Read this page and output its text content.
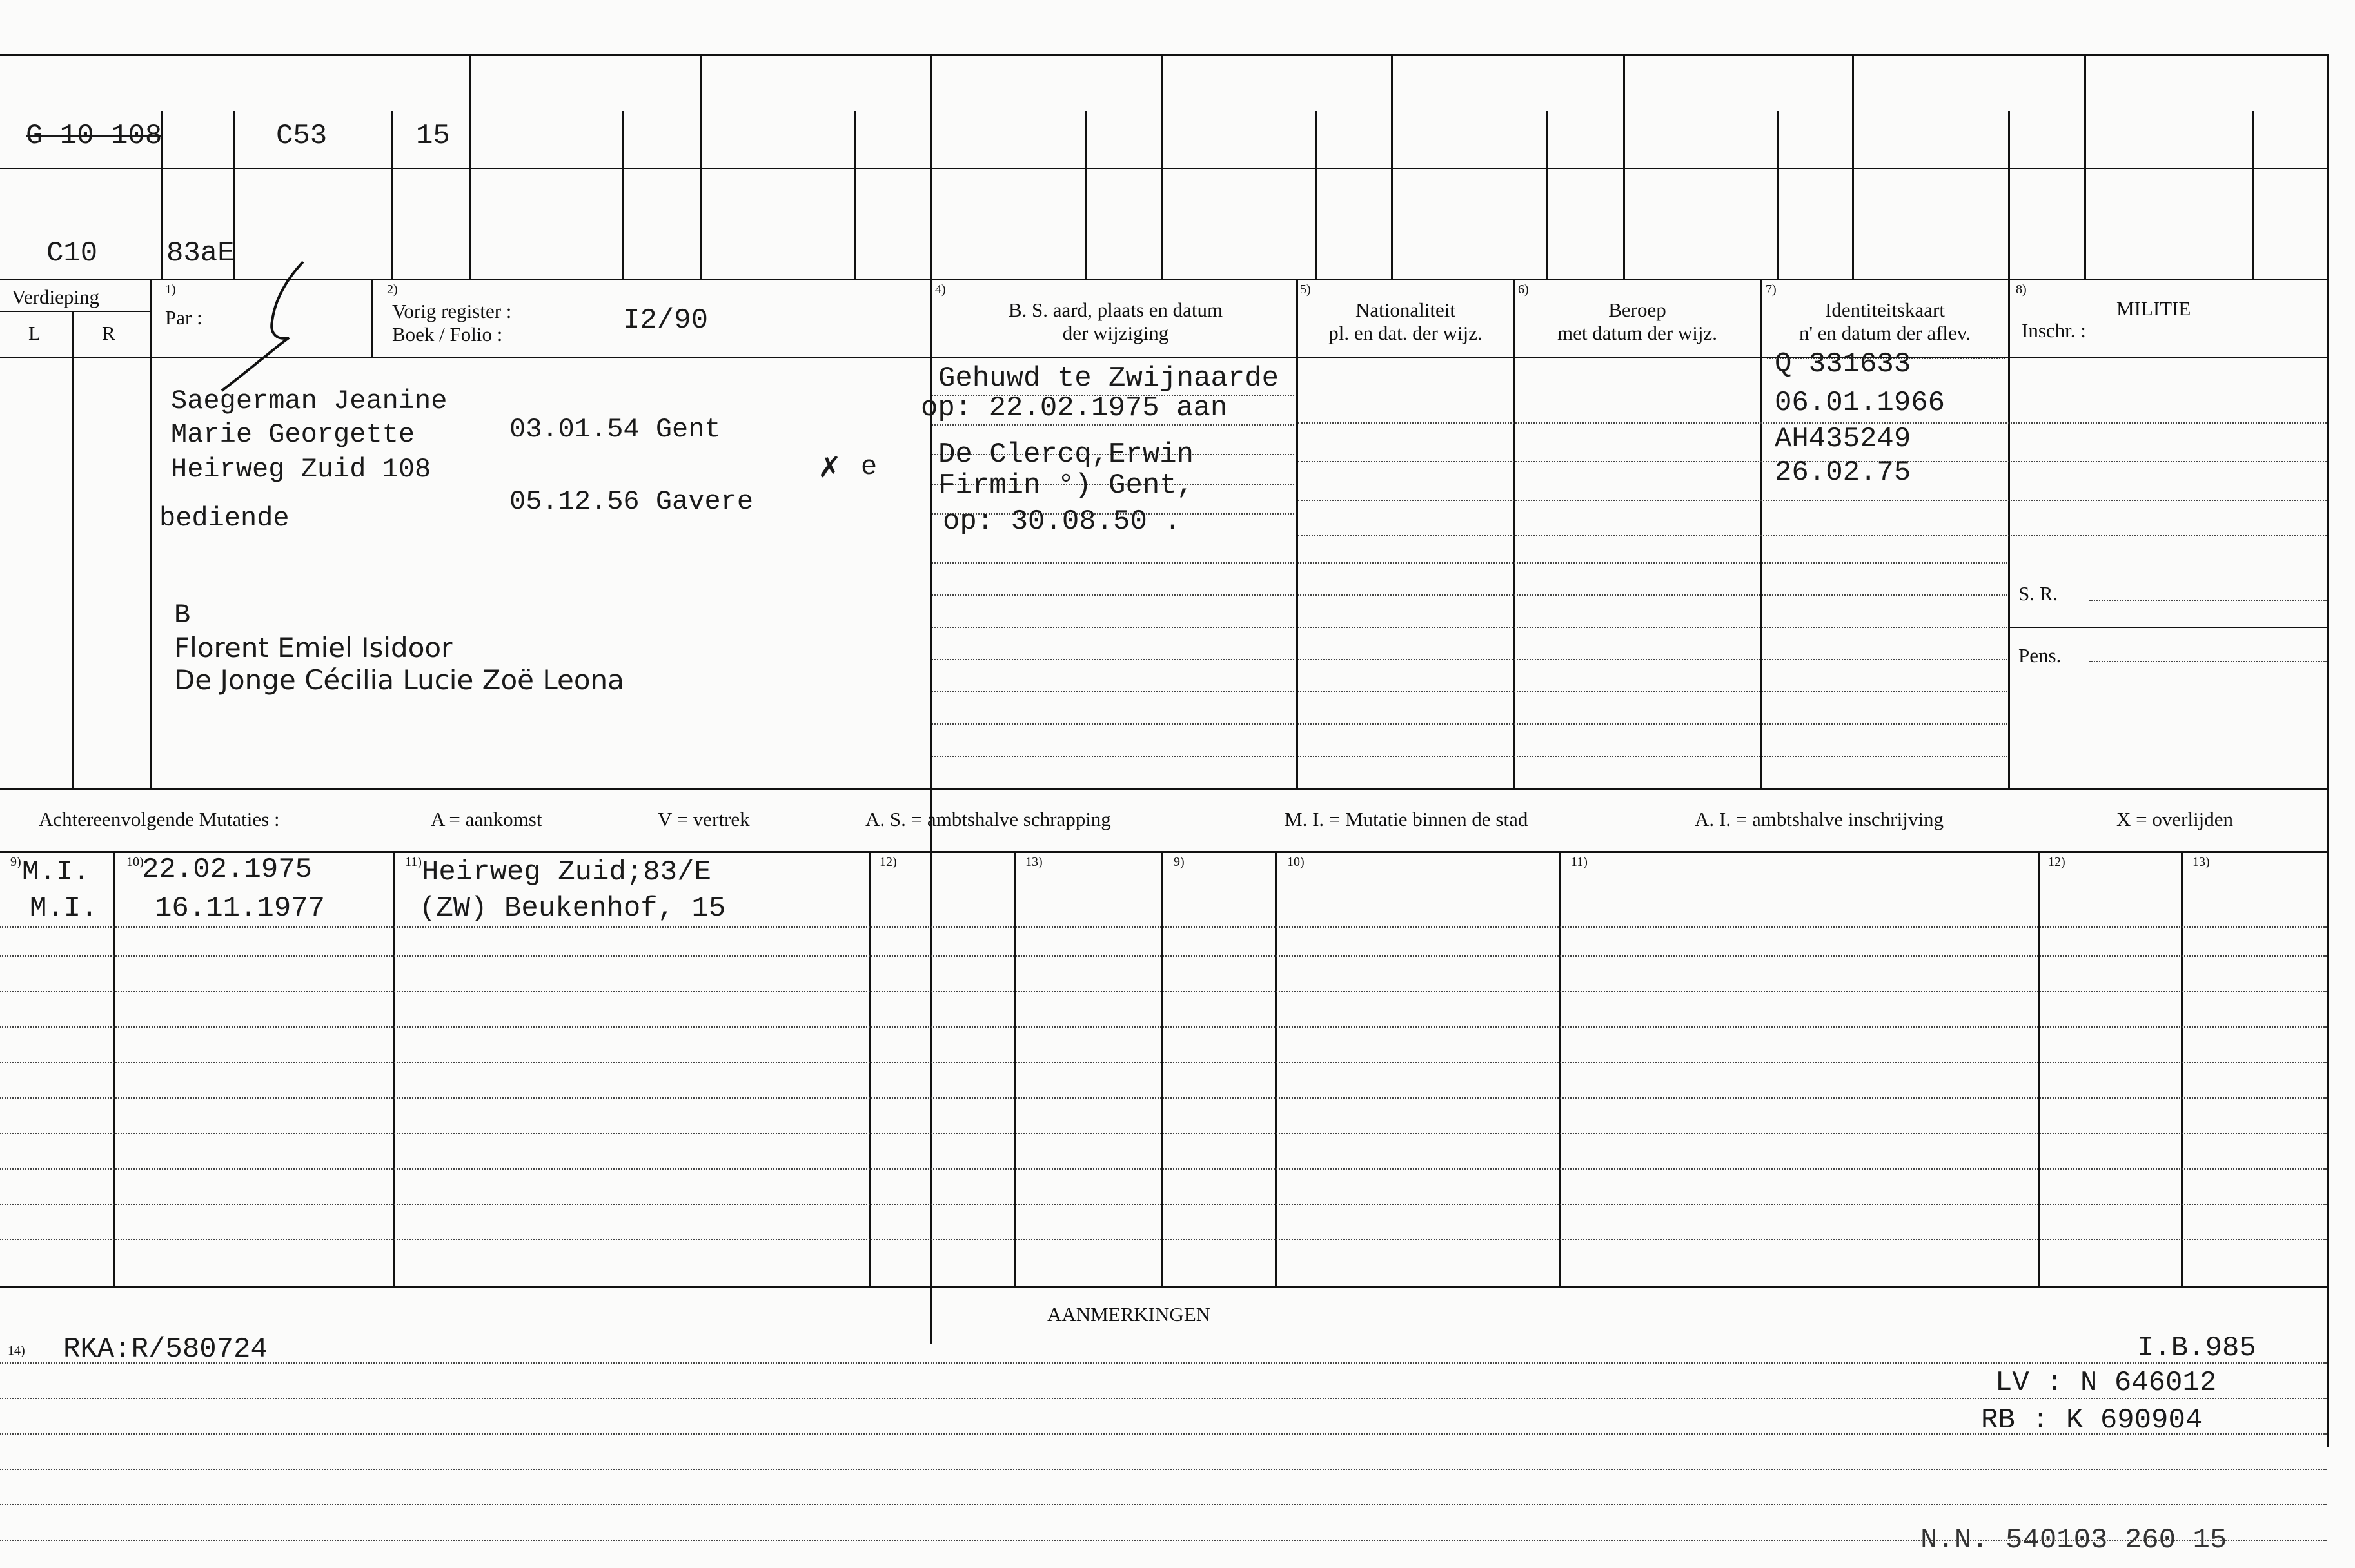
G 10 108	C53	15
C10 83aE
Verdieping
L	R
1)
Par :
2)
Vorig register :
Boek / Folio :	I2/90
4)
B. S. aard, plaats en datum
der wijziging
5)
Nationaliteit
pl. en dat. der wijz.
6)
Beroep
met datum der wijz.
7)
Identiteitskaart
n' en datum der aflev.
8)
MILITIE
Inschr. :
Saegerman Jeanine
Marie Georgette
Heirweg Zuid 108
bediende
03.01.54 Gent
05.12.56 Gavere
✗ e
B
Florent Emiel Isidoor
De Jonge Cécilia Lucie Zoë Leona
Gehuwd te Zwijnaarde
op: 22.02.1975 aan
De Clercq,Erwin
Firmin °) Gent,
op: 30.08.50 .
Q 331633
06.01.1966
AH435249
26.02.75
S. R.
Pens.
Achtereenvolgende Mutaties :	A = aankomst	V = vertrek	A. S. = ambtshalve schrapping	M. I. = Mutatie binnen de stad	A. I. = ambtshalve inschrijving	X = overlijden
9)	10)	11)	12)	13)	9)	10)	11)	12)	13)
M.I. 22.02.1975	Heirweg Zuid;83/E
M.I. 16.11.1977	(ZW) Beukenhof, 15
AANMERKINGEN
14) RKA:R/580724	I.B.985
LV : N 646012
RB : K 690904
N.N. 540103 260 15
